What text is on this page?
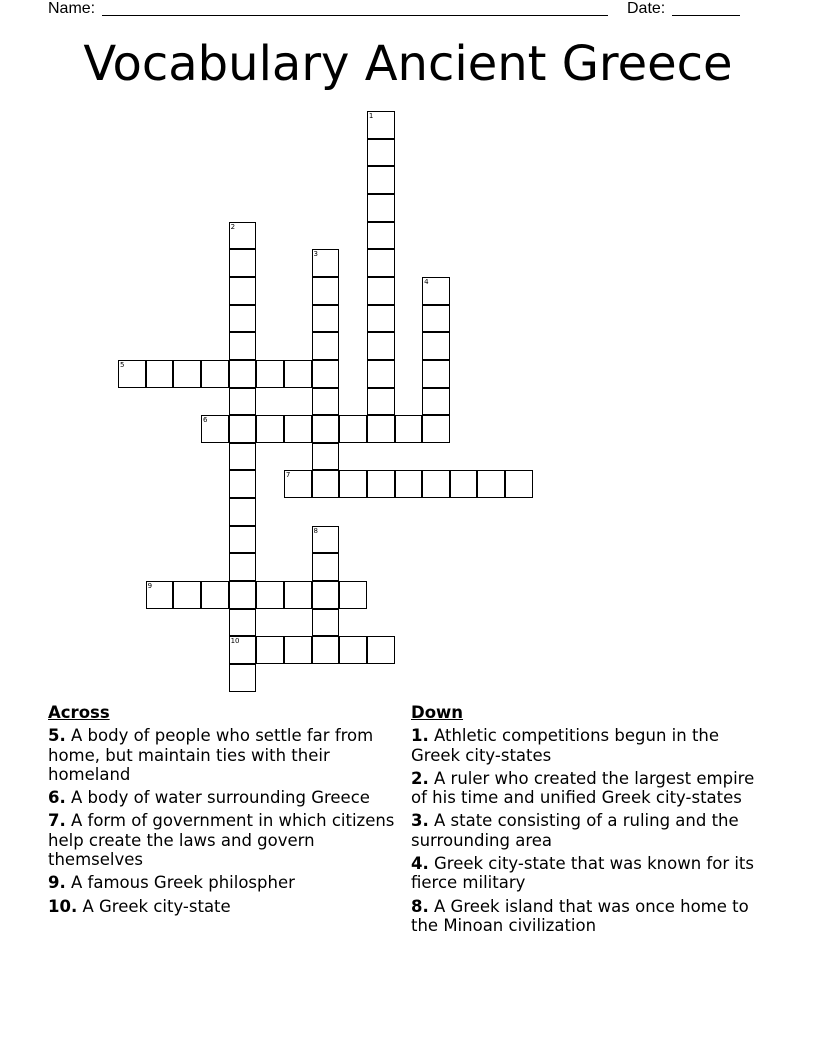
Name:	Date:
Vocabulary Ancient Greece
1
2
10
3
4
5
6
7
8
9
Across
5. A body of people who settle far from home, but maintain ties with their homeland
6. A body of water surrounding Greece
7. A form of government in which citizens help create the laws and govern themselves
9. A famous Greek philospher
10. A Greek city-state
Down
1. Athletic competitions begun in the Greek city-states
2. A ruler who created the largest empire of his time and unified Greek city-states
3. A state consisting of a ruling and the surrounding area
4. Greek city-state that was known for its fierce military
8. A Greek island that was once home to the Minoan civilization
